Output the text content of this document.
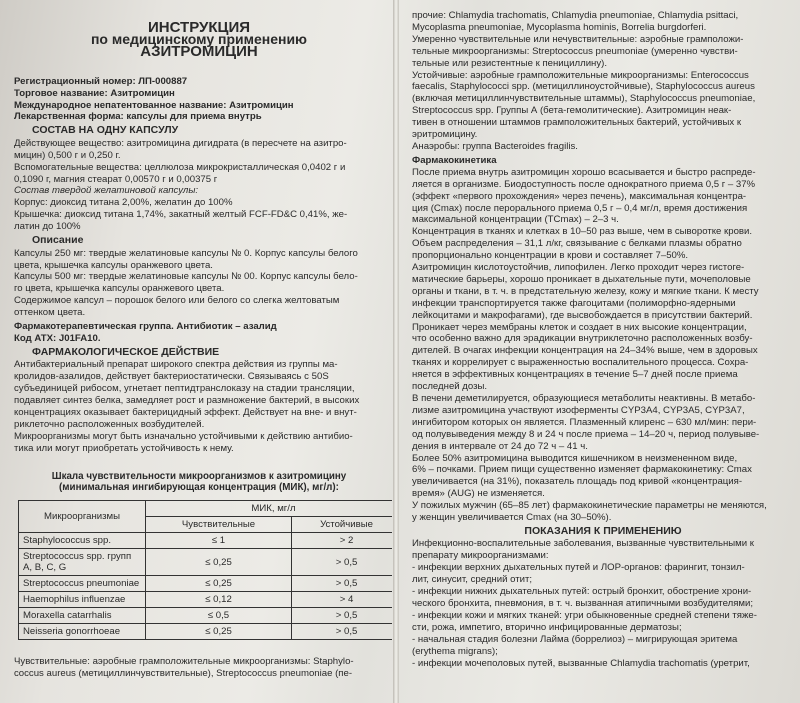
ИНСТРУКЦИЯ

по медицинскому применению

АЗИТРОМИЦИН

Регистрационный номер: ЛП-000887

Торговое название: Азитромицин

Международное непатентованное название: Азитромицин

Лекарственная форма: капсулы для приема внутрь

СОСТАВ НА ОДНУ КАПСУЛУ

Действующее вещество: азитромицина дигидрата (в пересчете на азитро-

мицин) 0,500 г и 0,250 г.

Вспомогательные вещества: целлюлоза микрокристаллическая 0,0402 г и

0,1090 г, магния стеарат 0,00570 г и 0,00375 г

Состав твердой желатиновой капсулы:

Корпус: диоксид титана 2,00%, желатин до 100%

Крышечка: диоксид титана 1,74%, закатный желтый FCF-FD&C 0,41%, же-

латин до 100%

Описание

Капсулы 250 мг: твердые желатиновые капсулы № 0. Корпус капсулы белого

цвета, крышечка капсулы оранжевого цвета.

Капсулы 500 мг: твердые желатиновые капсулы № 00. Корпус капсулы бело-

го цвета, крышечка капсулы оранжевого цвета.

Содержимое капсул – порошок белого или белого со слегка желтоватым

оттенком цвета.

Фармакотерапевтическая группа. Антибиотик – азалид

Код АТХ: J01FA10.

ФАРМАКОЛОГИЧЕСКОЕ ДЕЙСТВИЕ

Антибактериальный препарат широкого спектра действия из группы ма-

кролидов-азалидов, действует бактериостатически. Связываясь с 50S

субъединицей рибосом, угнетает пептидтранслоказу на стадии трансляции,

подавляет синтез белка, замедляет рост и размножение бактерий, в высоких

концентрациях оказывает бактерицидный эффект. Действует на вне- и внут-

риклеточно расположенных возбудителей.

Микроорганизмы могут быть изначально устойчивыми к действию антибио-

тика или могут приобретать устойчивость к нему.

Шкала чувствительности микроорганизмов к азитромицину

(минимальная ингибирующая концентрация (МИК), мг/л):

Микроорганизмы	МИК, мг/л	
	Чувствительные	Устойчивые
Staphylococcus spp.	≤ 1	> 2
Streptococcus spp. групп А, В, С, G	≤ 0,25	> 0,5
Streptococcus pneumoniae	≤ 0,25	> 0,5
Haemophilus influenzae	≤ 0,12	> 4
Moraxella catarrhalis	≤ 0,5	> 0,5
Neisseria gonorrhoeae	≤ 0,25	> 0,5

Чувствительные: аэробные грамположительные микроорганизмы: Staphylo-

coccus aureus (метициллинчувствительные), Streptococcus pneumoniae (пе-

прочие: Chlamydia trachomatis, Chlamydia pneumoniae, Chlamydia psittaci,

Mycoplasma pneumoniae, Mycoplasma hominis, Borrelia burgdorferi.

Умеренно чувствительные или нечувствительные: аэробные грамположи-

тельные микроорганизмы: Streptococcus pneumoniae (умеренно чувстви-

тельные или резистентные к пенициллину).

Устойчивые: аэробные грамположительные микроорганизмы: Enterococcus

faecalis, Staphylococci spp. (метициллиноустойчивые), Staphylococcus aureus

(включая метициллинчувствительные штаммы), Staphylococcus pneumoniae,

Streptococcus spp. Группы А (бета-гемолитические). Азитромицин неак-

тивен в отношении штаммов грамположительных бактерий, устойчивых к

эритромицину.

Анаэробы: группа Bacteroides fragilis.

Фармакокинетика

После приема внутрь азитромицин хорошо всасывается и быстро распреде-

ляется в организме. Биодоступность после однократного приема 0,5 г – 37%

(эффект «первого прохождения» через печень), максимальная концентра-

ция (Cmax) после перорального приема 0,5 г – 0,4 мг/л, время достижения

максимальной концентрации (TCmax) – 2–3 ч.

Концентрация в тканях и клетках в 10–50 раз выше, чем в сыворотке крови.

Объем распределения – 31,1 л/кг, связывание с белками плазмы обратно

пропорционально концентрации в крови и составляет 7–50%.

Азитромицин кислотоустойчив, липофилен. Легко проходит через гистоге-

матические барьеры, хорошо проникает в дыхательные пути, мочеполовые

органы и ткани, в т. ч. в предстательную железу, кожу и мягкие ткани. К месту

инфекции транспортируется также фагоцитами (полиморфно-ядерными

лейкоцитами и макрофагами), где высвобождается в присутствии бактерий.

Проникает через мембраны клеток и создает в них высокие концентрации,

что особенно важно для эрадикации внутриклеточно расположенных возбу-

дителей. В очагах инфекции концентрация на 24–34% выше, чем в здоровых

тканях и коррелирует с выраженностью воспалительного процесса. Сохра-

няется в эффективных концентрациях в течение 5–7 дней после приема

последней дозы.

В печени деметилируется, образующиеся метаболиты неактивны. В метабо-

лизме азитромицина участвуют изоферменты CYP3A4, CYP3A5, CYP3A7,

ингибитором которых он является. Плазменный клиренс – 630 мл/мин: пери-

од полувыведения между 8 и 24 ч после приема – 14–20 ч, период полувыве-

дения в интервале от 24 до 72 ч – 41 ч.

Более 50% азитромицина выводится кишечником в неизмененном виде,

6% – почками. Прием пищи существенно изменяет фармакокинетику: Cmax

увеличивается (на 31%), показатель площадь под кривой «концентрация-

время» (AUG) не изменяется.

У пожилых мужчин (65–85 лет) фармакокинетические параметры не меняются,

у женщин увеличивается Cmax (на 30–50%).

ПОКАЗАНИЯ К ПРИМЕНЕНИЮ

Инфекционно-воспалительные заболевания, вызванные чувствительными к

препарату микроорганизмами:

- инфекции верхних дыхательных путей и ЛОР-органов: фарингит, тонзил-

лит, синусит, средний отит;

- инфекции нижних дыхательных путей: острый бронхит, обострение хрони-

ческого бронхита, пневмония, в т. ч. вызванная атипичными возбудителями;

- инфекции кожи и мягких тканей: угри обыкновенные средней степени тяже-

сти, рожа, импетиго, вторично инфицированные дерматозы;

- начальная стадия болезни Лайма (боррелиоз) – мигрирующая эритема

(erythema migrans);

- инфекции мочеполовых путей, вызванные Chlamydia trachomatis (уретрит,
